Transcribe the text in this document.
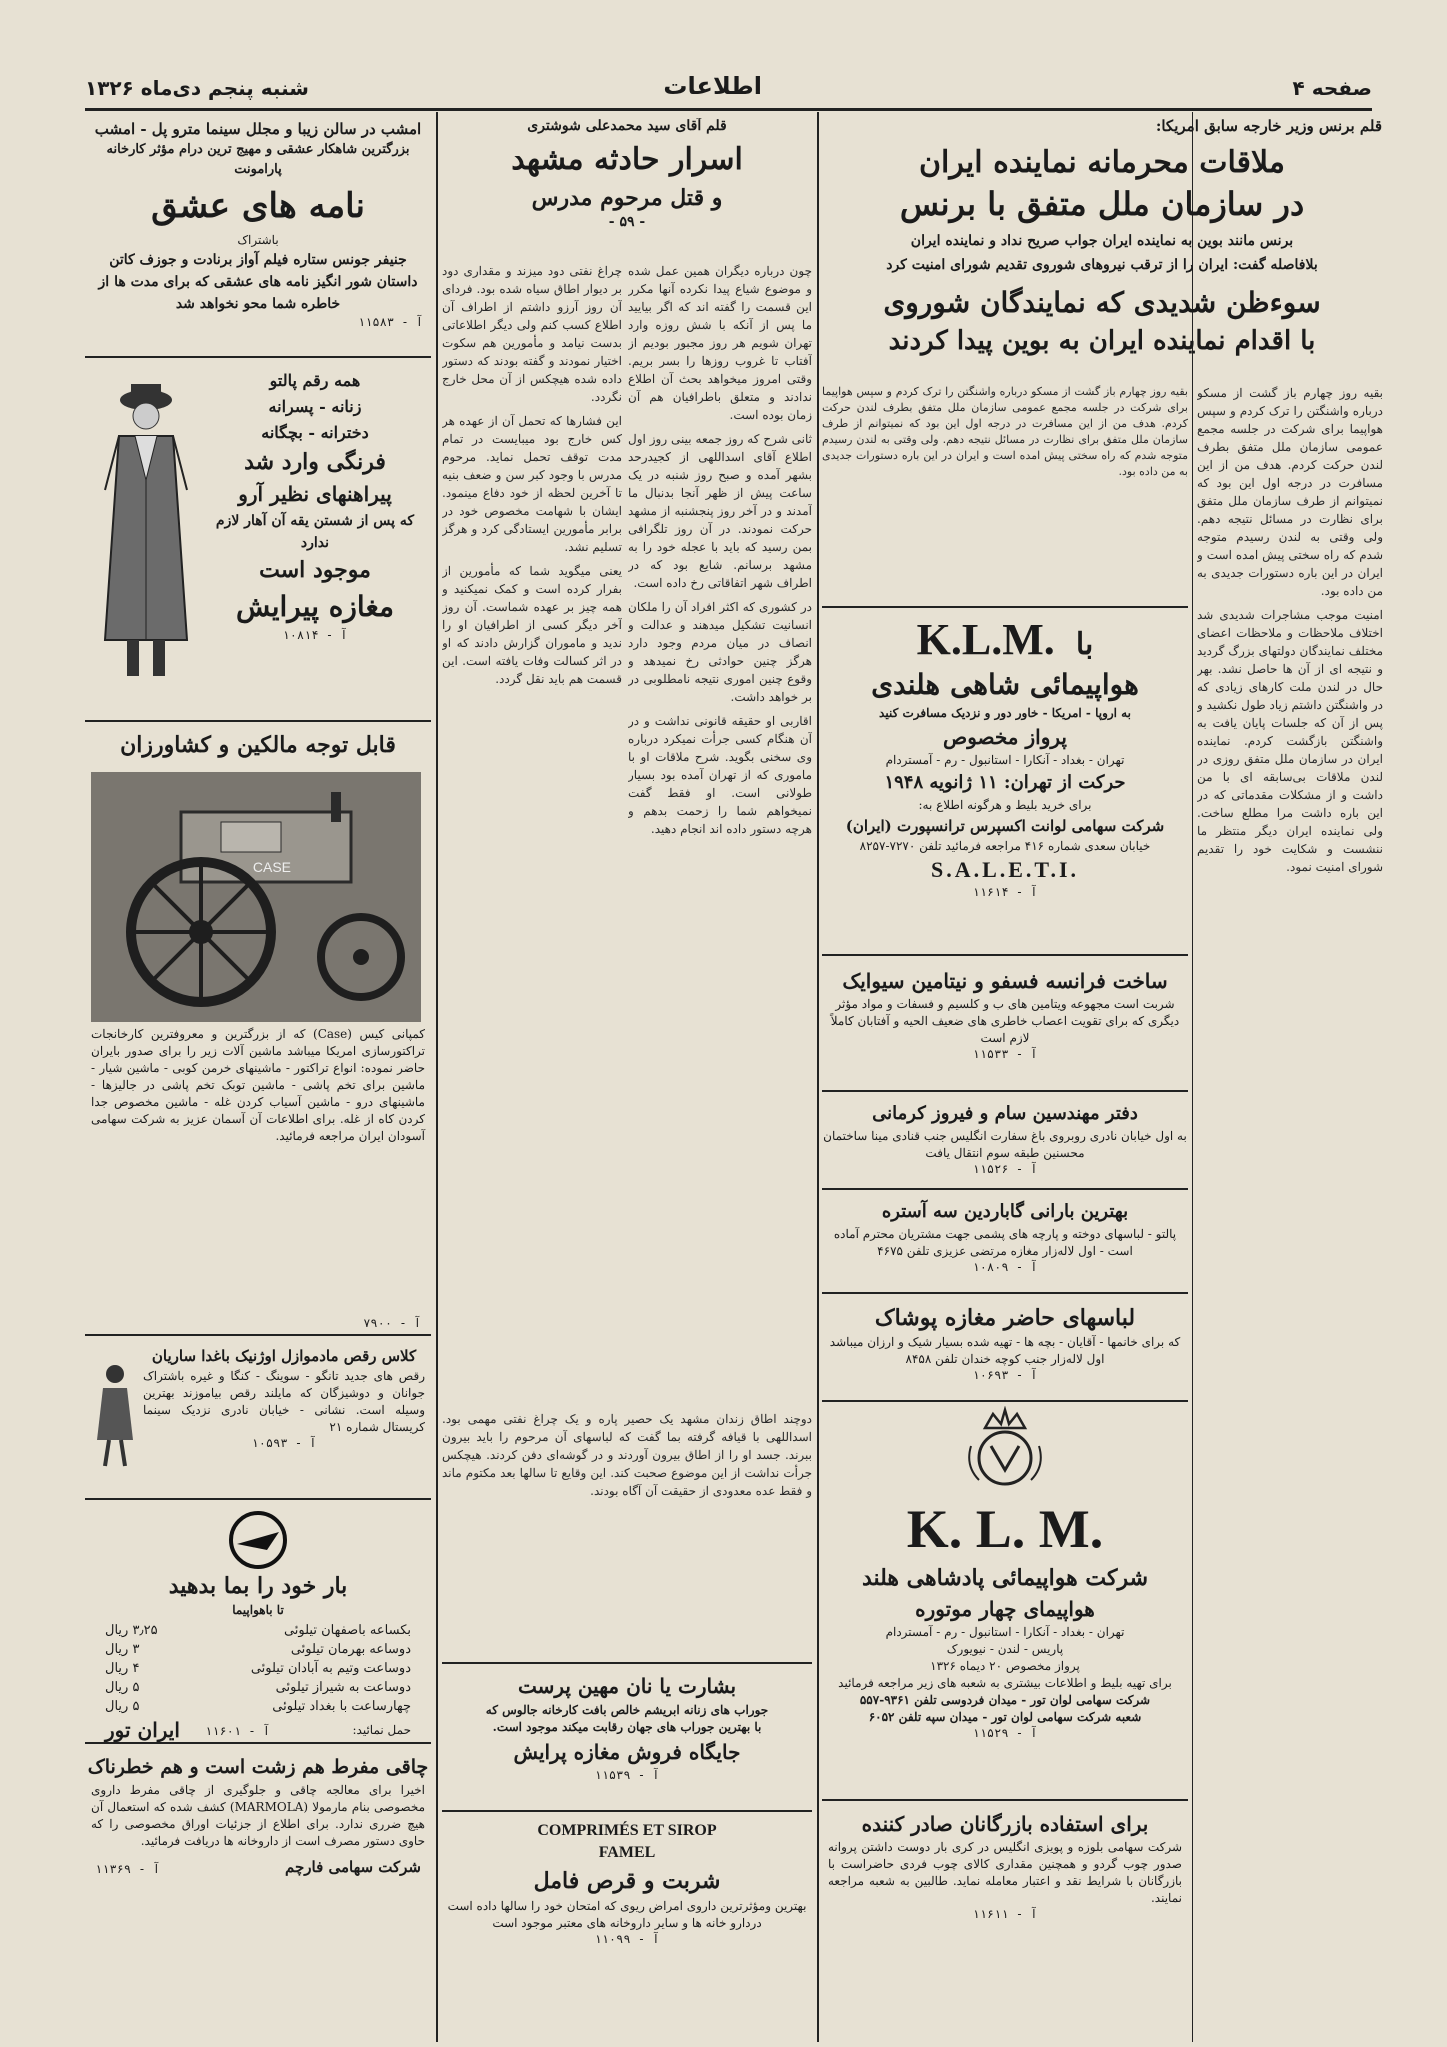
صفحه ۴
اطلاعات
شنبه پنجم دی‌ماه ۱۳۲۶
قلم برنس وزیر خارجه سابق امریکا:
ملاقات محرمانه نماینده ایران
در سازمان ملل متفق با برنس
برنس مانند بوین به نماینده ایران جواب صریح نداد و نماینده ایران
بلافاصله گفت: ایران را از ترقب نیروهای شوروی تقدیم شورای امنیت کرد
سوءظن شدیدی که نمایندگان شوروی
با اقدام نماینده ایران به بوین پیدا کردند

بقیه روز چهارم باز گشت از مسکو درباره واشنگتن را ترک کردم و سپس هواپیما برای شرکت در جلسه مجمع عمومی سازمان ملل متفق بطرف لندن حرکت کردم. هدف من از این مسافرت در درجه اول این بود که نمیتوانم از طرف سازمان ملل متفق برای نظارت در مسائل نتیجه دهم. ولی وقتی به لندن رسیدم متوجه شدم که راه سختی پیش امده است و ایران در این باره دستورات جدیدی به من داده بود.

امنیت موجب مشاجرات شدیدی شد اختلاف ملاحظات و ملاحظات اعضای مختلف نمایندگان دولتهای بزرگ گردید و نتیجه ای از آن ها حاصل نشد. بهر حال در لندن ملت کارهای زیادی که در واشنگتن داشتم زیاد طول نکشید و پس از آن که جلسات پایان یافت به واشنگتن بازگشت کردم. نماینده ایران در سازمان ملل متفق روزی در لندن ملاقات بی‌سابقه ای با من داشت و از مشکلات مقدماتی که در این باره داشت مرا مطلع ساخت. ولی نماینده ایران دیگر منتظر ما ننشست و شکایت خود را تقدیم شورای امنیت نمود.

بقیه روز چهارم باز گشت از مسکو درباره واشنگتن را ترک کردم و سپس هواپیما برای شرکت در جلسه مجمع عمومی سازمان ملل متفق بطرف لندن حرکت کردم. هدف من از این مسافرت در درجه اول این بود که نمیتوانم از طرف سازمان ملل متفق برای نظارت در مسائل نتیجه دهم. ولی وقتی به لندن رسیدم متوجه شدم که راه سختی پیش امده است و ایران در این باره دستورات جدیدی به من داده بود.

با K.L.M.
هواپیمائی شاهی هلندی
به اروپا - امریکا - خاور دور و نزدیک مسافرت کنید
پرواز مخصوص
تهران - بغداد - آنکارا - استانبول - رم - آمستردام
حرکت از تهران: ۱۱ ژانویه ۱۹۴۸
برای خرید بلیط و هرگونه اطلاع به:
شرکت سهامی لوانت اکسپرس ترانسپورت (ایران)
خیابان سعدی شماره ۴۱۶ مراجعه فرمائید تلفن ۷۲۷۰-۸۲۵۷
S.A.L.E.T.I.
آ - ۱۱۶۱۴
ساخت فرانسه فسفو و نیتامین سیوایک
شربت است مجهوعه ویتامین های ب و کلسیم و فسفات و مواد مؤثر دیگری که برای تقویت اعصاب خاطری های ضعیف الحیه و آفتابان کاملاً لازم است
آ - ۱۱۵۳۳
دفتر مهندسین سام و فیروز کرمانی
به اول خیابان نادری روبروی باغ سفارت انگلیس جنب قنادی مینا ساختمان محسنین طبقه سوم انتقال یافت
آ - ۱۱۵۲۶
بهترین بارانی گاباردین سه آستره
پالتو - لباسهای دوخته و پارچه های پشمی جهت مشتریان محترم آماده است - اول لاله‌زار مغازه مرتضی عزیزی تلفن ۴۶۷۵
آ - ۱۰۸۰۹
لباسهای حاضر مغازه پوشاک
که برای خانمها - آقایان - بچه ها - تهیه شده بسیار شیک و ارزان میباشد اول لاله‌زار جنب کوچه خندان تلفن ۸۴۵۸
آ - ۱۰۶۹۳
K. L. M.
شرکت هواپیمائی پادشاهی هلند
هواپیمای چهار موتوره
تهران - بغداد - آنکارا - استانبول - رم - آمستردام
پاریس - لندن - نیویورک
پرواز مخصوص ۲۰ دیماه ۱۳۲۶
برای تهیه بلیط و اطلاعات بیشتری به شعبه های زیر مراجعه فرمائید
شرکت سهامی لوان تور - میدان فردوسی تلفن ۹۳۶۱-۵۵۷
شعبه شرکت سهامی لوان تور - میدان سپه تلفن ۶۰۵۲
آ - ۱۱۵۲۹
برای استفاده بازرگانان صادر کننده
شرکت سهامی بلوزه و پویزی انگلیس در کری بار دوست داشتن پروانه صدور چوب گردو و همچنین مقداری کالای چوب فردی حاضراست با بازرگانان با شرایط نقد و اعتبار معامله نماید. طالبین به شعبه مراجعه نمایند.
آ - ۱۱۶۱۱
قلم آقای سید محمدعلی شوشتری
اسرار حادثه مشهد
و قتل مرحوم مدرس
- ۵۹ -

چون درباره دیگران همین عمل شده و موضوع شیاع پیدا نکرده آنها مکرر این قسمت را گفته اند که اگر بیایید ما پس از آنکه با شش روزه وارد تهران شویم هر روز مجبور بودیم از آفتاب تا غروب روزها را بسر بریم. وقتی امروز میخواهد بحث آن اطلاع ندادند و متعلق باطرافیان هم آن زمان بوده است.

ثانی شرح که روز جمعه بینی روز اول اطلاع آقای اسداللهی از کجیدرحد بشهر آمده و صبح روز شنبه در یک ساعت پیش از ظهر آنجا بدنبال ما آمدند و در آخر روز پنجشنبه از مشهد حرکت نمودند. در آن روز تلگرافی بمن رسید که باید با عجله خود را به مشهد برسانم. شایع بود که در اطراف شهر اتفاقاتی رخ داده است.

در کشوری که اکثر افراد آن را ملکان انسانیت تشکیل میدهند و عدالت و انصاف در میان مردم وجود دارد هرگز چنین حوادثی رخ نمیدهد و وقوع چنین اموری نتیجه نامطلوبی در بر خواهد داشت.

اقاربی او حقیقه قانونی نداشت و در آن هنگام کسی جرأت نمیکرد درباره وی سخنی بگوید. شرح ملاقات او با ماموری که از تهران آمده بود بسیار طولانی است. او فقط گفت نمیخواهم شما را زحمت بدهم و هرچه دستور داده اند انجام دهید.

چراغ نفتی دود میزند و مقداری دود بر دیوار اطاق سیاه شده بود. فردای آن روز آرزو داشتم از اطراف آن اطلاع کسب کنم ولی دیگر اطلاعاتی بدست نیامد و مأمورین هم سکوت اختیار نمودند و گفته بودند که دستور داده شده هیچکس از آن محل خارج نگردد.

این فشارها که تحمل آن از عهده هر کس خارج بود میبایست در تمام مدت توقف تحمل نماید. مرحوم مدرس با وجود کبر سن و ضعف بنیه تا آخرین لحظه از خود دفاع مینمود. ایشان با شهامت مخصوص خود در برابر مأمورین ایستادگی کرد و هرگز تسلیم نشد.

یعنی میگوید شما که مأمورین از بفرار کرده است و کمک نمیکنید و همه چیز بر عهده شماست. آن روز آخر دیگر کسی از اطرافیان او را ندید و ماموران گزارش دادند که او در اثر کسالت وفات یافته است. این قسمت هم باید نقل گردد.

دوچند اطاق زندان مشهد یک حصیر پاره و یک چراغ نفتی مهمی بود. اسداللهی با قیافه گرفته بما گفت که لباسهای آن مرحوم را باید بیرون ببرند. جسد او را از اطاق بیرون آوردند و در گوشه‌ای دفن کردند. هیچکس جرأت نداشت از این موضوع صحبت کند. این وقایع تا سالها بعد مکتوم ماند و فقط عده معدودی از حقیقت آن آگاه بودند.

بشارت یا نان مهین پرست
جوراب های زنانه ابریشم خالص بافت کارخانه جالوس که
با بهترین جوراب های جهان رقابت میکند موجود است.
جایگاه فروش مغازه پرایش
آ - ۱۱۵۳۹
COMPRIMÉS ET SIROP
FAMEL
شربت و قرص فامل
بهترین ومؤثرترین داروی امراض ریوی که امتحان خود را سالها داده است دردارو خانه ها و سایر داروخانه های معتبر موجود است
آ - ۱۱۰۹۹
امشب در سالن زیبا و مجلل سینما مترو پل - امشب
بزرگترین شاهکار عشقی و مهیج ترین درام مؤثر کارخانه پارامونت
نامه های عشق
باشتراک
جنیفر جونس ستاره فیلم آواز برنادت و جوزف کاتن داستان شور انگیز نامه های عشقی که برای مدت ها از خاطره شما محو نخواهد شد
آ - ۱۱۵۸۳
همه رقم پالتو
زنانه - پسرانه
دخترانه - بچگانه
فرنگی وارد شد
پیراهنهای نظیر آرو
که پس از شستن یقه آن آهار لازم ندارد
موجود است
مغازه پیرایش
آ - ۱۰۸۱۴
قابل توجه مالکین و کشاورزان
CASE
کمپانی کیس (Case) که از بزرگترین و معروفترین کارخانجات تراکتورسازی امریکا میباشد ماشین آلات زیر را برای صدور بایران حاضر نموده: انواع تراکتور - ماشینهای خرمن کوبی - ماشین شیار - ماشین برای تخم پاشی - ماشین توبک تخم پاشی در جالیزها - ماشینهای درو - ماشین آسیاب کردن غله - ماشین مخصوص جدا کردن کاه از غله. برای اطلاعات آن آسمان عزیز به شرکت سهامی آسودان ایران مراجعه فرمائید.
آ - ۷۹۰۰
کلاس رقص مادموازل اوژنیک باغدا ساریان
رقص های جدید تانگو - سوینگ - کنگا و غیره باشتراک جوانان و دوشیزگان که مایلند رقص بیاموزند بهترین وسیله است. نشانی - خیابان نادری نزدیک سینما کریستال شماره ۲۱
آ - ۱۰۵۹۳
بار خود را بما بدهید
تا باهواپیما
بکساعه باصفهان تیلوئی
۳٫۲۵ ریال
دوساعه بهرمان تیلوئی
۳ ریال
دوساعت وتیم به آبادان تیلوئی
۴ ریال
دوساعت به شیراز تیلوئی
۵ ریال
چهارساعت با بغداد تیلوئی
۵ ریال
حمل نمائید:
ایران تور آ - ۱۱۶۰۱
چاقی مفرط هم زشت است و هم خطرناک
اخیرا برای معالجه چاقی و جلوگیری از چاقی مفرط داروی مخصوصی بنام مارمولا (MARMOLA) کشف شده که استعمال آن هیچ ضرری ندارد. برای اطلاع از جزئیات اوراق مخصوصی را که حاوی دستور مصرف است از داروخانه ها دریافت فرمائید.
شرکت سهامی فارچم
آ - ۱۱۳۶۹
